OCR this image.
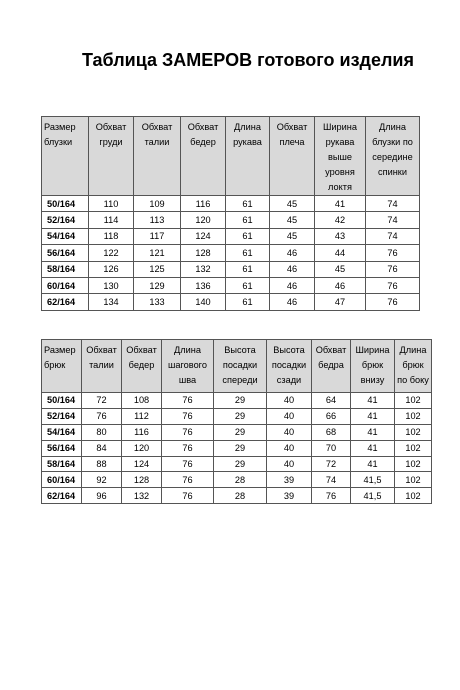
Таблица ЗАМЕРОВ готового изделия
Размер блузки	Обхват груди	Обхват талии	Обхват бедер	Длина рукава	Обхват плеча	Ширина рукава выше уровня локтя	Длина блузки по середине спинки
50/164	110	109	116	61	45	41	74
52/164	114	113	120	61	45	42	74
54/164	118	117	124	61	45	43	74
56/164	122	121	128	61	46	44	76
58/164	126	125	132	61	46	45	76
60/164	130	129	136	61	46	46	76
62/164	134	133	140	61	46	47	76
Размер брюк	Обхват талии	Обхват бедер	Длина шагового шва	Высота посадки спереди	Высота посадки сзади	Обхват бедра	Ширина брюк внизу	Длина брюк по боку
50/164	72	108	76	29	40	64	41	102
52/164	76	112	76	29	40	66	41	102
54/164	80	116	76	29	40	68	41	102
56/164	84	120	76	29	40	70	41	102
58/164	88	124	76	29	40	72	41	102
60/164	92	128	76	28	39	74	41,5	102
62/164	96	132	76	28	39	76	41,5	102
